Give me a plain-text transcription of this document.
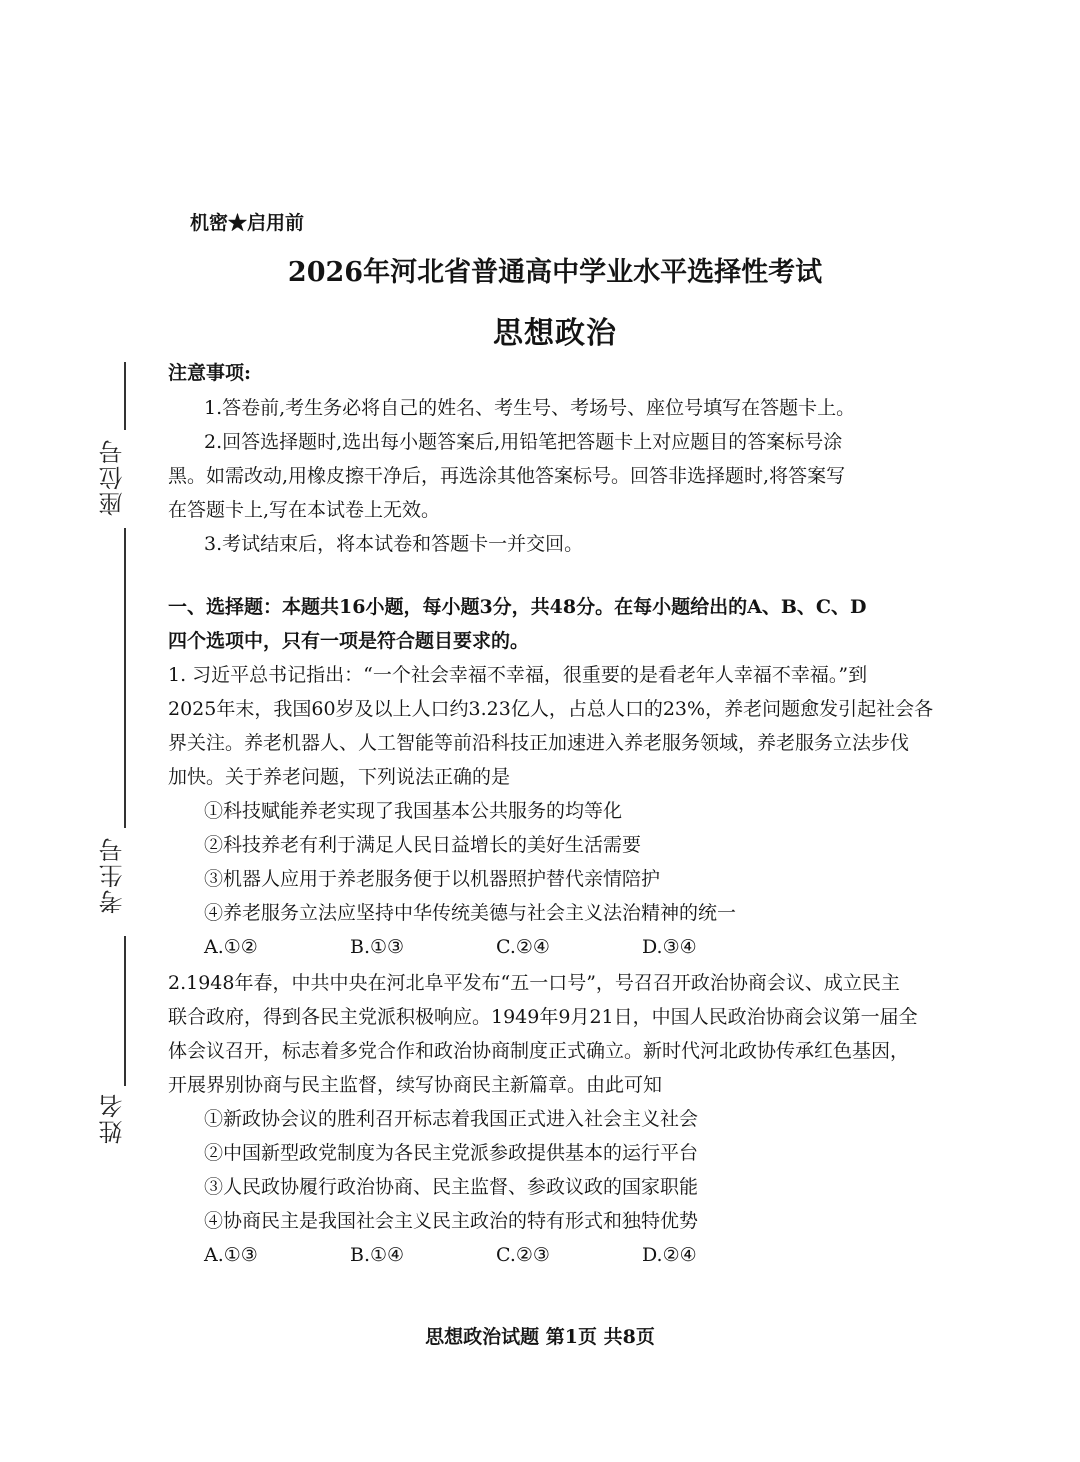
座位号
考生号
姓名
机密★启用前
2026年河北省普通高中学业水平选择性考试
思想政治
注意事项:
1.答卷前,考生务必将自己的姓名、考生号、考场号、座位号填写在答题卡上。
2.回答选择题时,选出每小题答案后,用铅笔把答题卡上对应题目的答案标号涂
黑。如需改动,用橡皮擦干净后，再选涂其他答案标号。回答非选择题时,将答案写
在答题卡上,写在本试卷上无效。
3.考试结束后，将本试卷和答题卡一并交回。
一、选择题：本题共16小题，每小题3分，共48分。在每小题给出的A、B、C、D
四个选项中，只有一项是符合题目要求的。
1. 习近平总书记指出：“一个社会幸福不幸福，很重要的是看老年人幸福不幸福。”到
2025年末，我国60岁及以上人口约3.23亿人，占总人口的23%，养老问题愈发引起社会各
界关注。养老机器人、人工智能等前沿科技正加速进入养老服务领域，养老服务立法步伐
加快。关于养老问题，下列说法正确的是
①科技赋能养老实现了我国基本公共服务的均等化
②科技养老有利于满足人民日益增长的美好生活需要
③机器人应用于养老服务便于以机器照护替代亲情陪护
④养老服务立法应坚持中华传统美德与社会主义法治精神的统一
A.①②	B.①③	C.②④	D.③④
2.1948年春，中共中央在河北阜平发布“五一口号”，号召召开政治协商会议、成立民主
联合政府，得到各民主党派积极响应。1949年9月21日，中国人民政治协商会议第一届全
体会议召开，标志着多党合作和政治协商制度正式确立。新时代河北政协传承红色基因，
开展界别协商与民主监督，续写协商民主新篇章。由此可知
①新政协会议的胜利召开标志着我国正式进入社会主义社会
②中国新型政党制度为各民主党派参政提供基本的运行平台
③人民政协履行政治协商、民主监督、参政议政的国家职能
④协商民主是我国社会主义民主政治的特有形式和独特优势
A.①③	B.①④	C.②③	D.②④
思想政治试题 第1页 共8页
